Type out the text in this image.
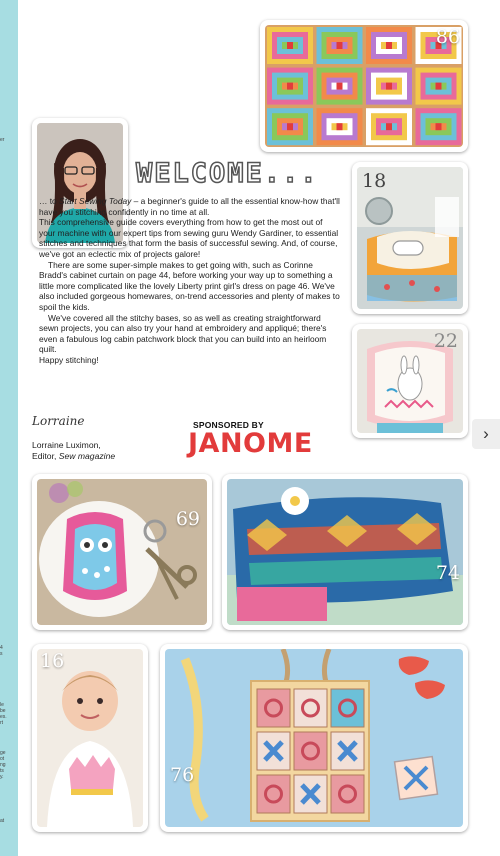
er
4
s
le
be
es.
rt
ge
ot
ng
ts
y.
at
86
18
22
WELCOME...

… to Start Sewing Today – a beginner's guide to all the essential know-how that'll have you stitching confidently in no time at all.

This comprehensive guide covers everything from how to get the most out of your machine with our expert tips from sewing guru Wendy Gardiner, to essential stitches and techniques that form the basis of successful sewing. And, of course, we've got an eclectic mix of projects galore!

There are some super-simple makes to get going with, such as Corinne Bradd's cabinet curtain on page 44, before working your way up to something a little more complicated like the lovely Liberty print girl's dress on page 46. We've also included gorgeous homewares, on-trend accessories and plenty of makes to spoil the kids.

We've covered all the stitchy bases, so as well as creating straightforward sewn projects, you can also try your hand at embroidery and appliqué; there's even a fabulous log cabin patchwork block that you can build into an heirloom quilt.

Happy stitching!

Lorraine
Lorraine Luximon,
Editor, Sew magazine
SPONSORED BY
JANOME	›
69
74
16
76
